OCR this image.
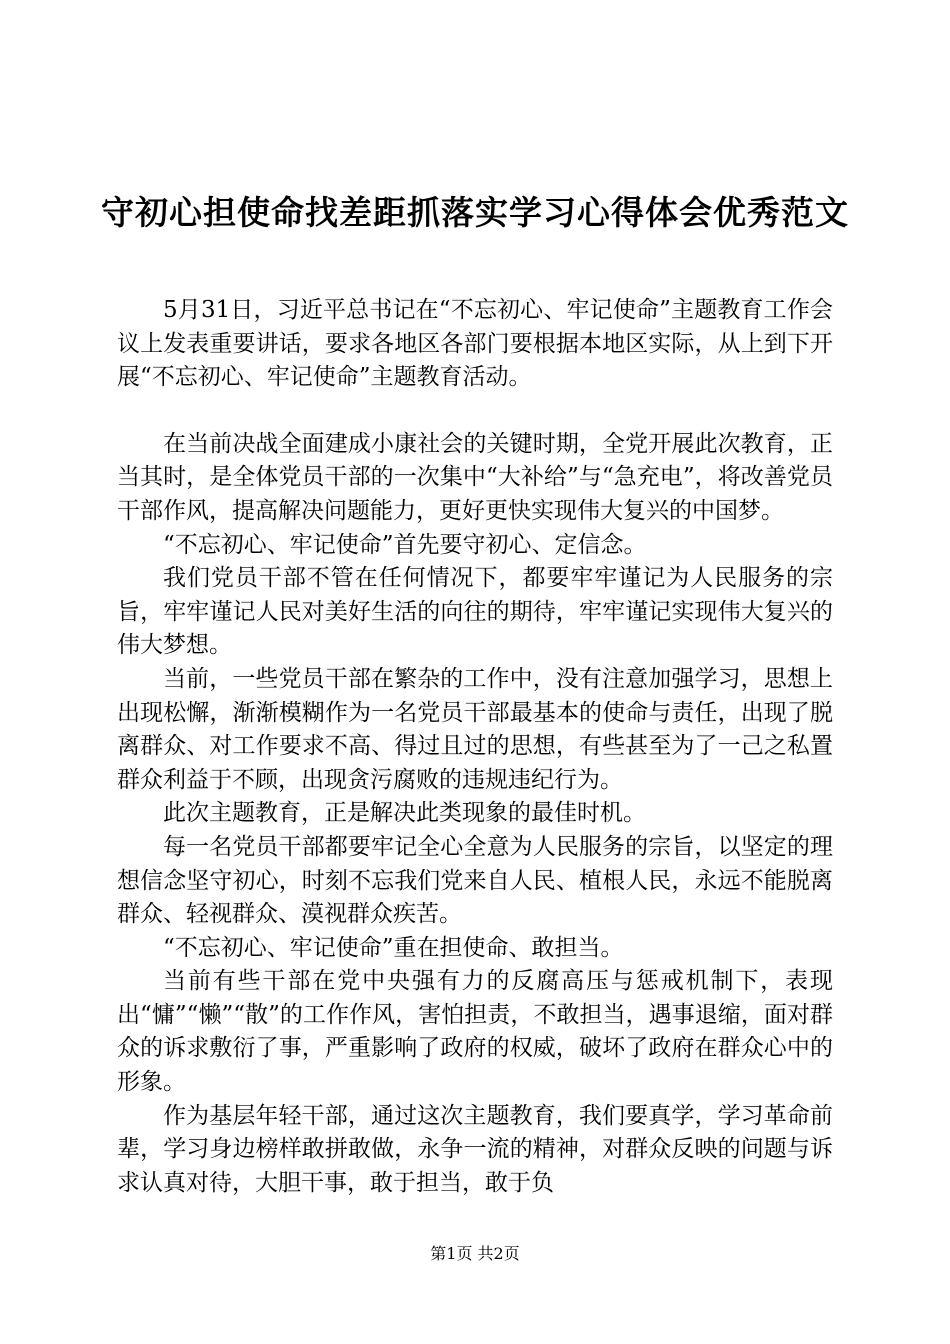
守初心担使命找差距抓落实学习心得体会优秀范文

5月31日，习近平总书记在“不忘初心、牢记使命”主题教育工作会议上发表重要讲话，要求各地区各部门要根据本地区实际，从上到下开展“不忘初心、牢记使命”主题教育活动。

在当前决战全面建成小康社会的关键时期，全党开展此次教育，正当其时，是全体党员干部的一次集中“大补给”与“急充电”，将改善党员干部作风，提高解决问题能力，更好更快实现伟大复兴的中国梦。

“不忘初心、牢记使命”首先要守初心、定信念。

我们党员干部不管在任何情况下，都要牢牢谨记为人民服务的宗旨，牢牢谨记人民对美好生活的向往的期待，牢牢谨记实现伟大复兴的伟大梦想。

当前，一些党员干部在繁杂的工作中，没有注意加强学习，思想上出现松懈，渐渐模糊作为一名党员干部最基本的使命与责任，出现了脱离群众、对工作要求不高、得过且过的思想，有些甚至为了一己之私置群众利益于不顾，出现贪污腐败的违规违纪行为。

此次主题教育，正是解决此类现象的最佳时机。

每一名党员干部都要牢记全心全意为人民服务的宗旨，以坚定的理想信念坚守初心，时刻不忘我们党来自人民、植根人民，永远不能脱离群众、轻视群众、漠视群众疾苦。

“不忘初心、牢记使命”重在担使命、敢担当。

当前有些干部在党中央强有力的反腐高压与惩戒机制下，表现出“慵”“懒”“散”的工作作风，害怕担责，不敢担当，遇事退缩，面对群众的诉求敷衍了事，严重影响了政府的权威，破坏了政府在群众心中的形象。

作为基层年轻干部，通过这次主题教育，我们要真学，学习革命前辈，学习身边榜样敢拼敢做，永争一流的精神，对群众反映的问题与诉求认真对待，大胆干事，敢于担当，敢于负

第1页 共2页
